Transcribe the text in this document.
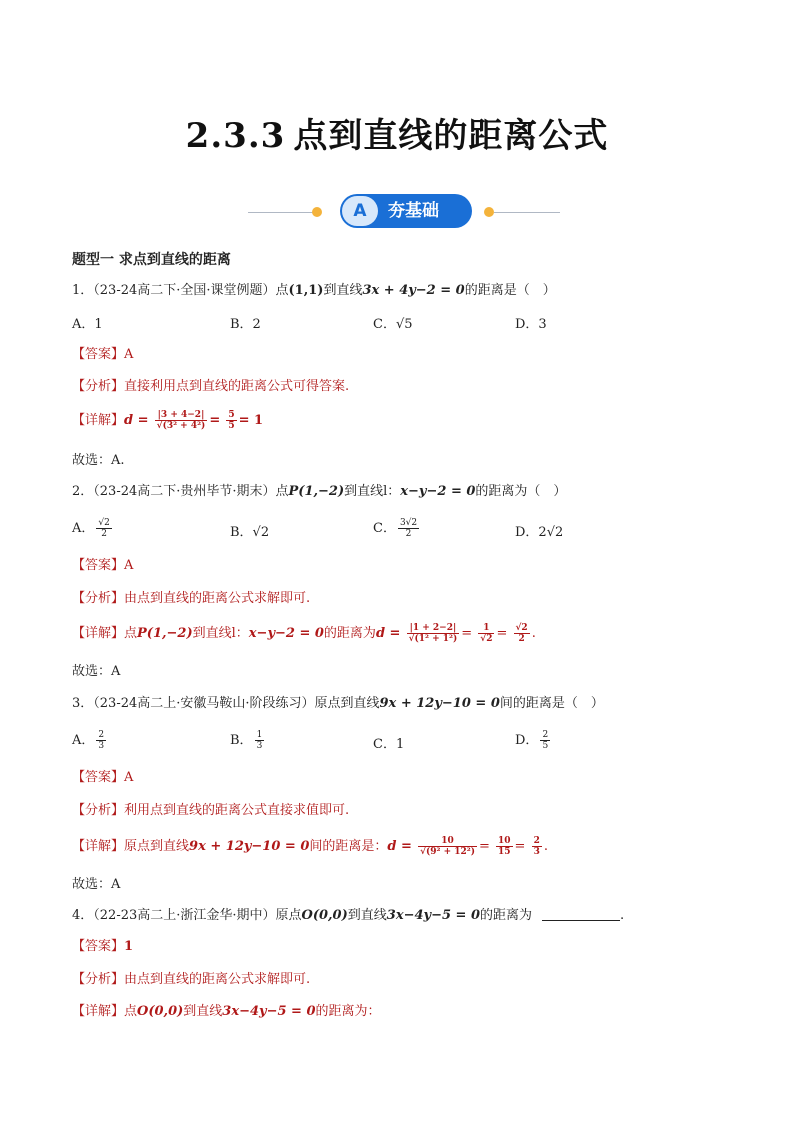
2.3.3 点到直线的距离公式
A	夯基础
题型一 求点到直线的距离
1．（23-24高二下·全国·课堂例题）点(1,1)到直线3x + 4y−2 = 0的距离是（　）
A．1	B．2	C．√5	D．3
【答案】A
【分析】直接利用点到直线的距离公式可得答案.
【详解】$d = \frac{|3 + 4-2|}{\text{√(3² + 4²)}} = \frac{5}{5} = 1$
故选：A.
2．（23-24高二下·贵州毕节·期末）点P(1,−2)到直线l：x−y−2 = 0的距离为（　）
A． $\frac{√2}{2}$	B．√2	C． $\frac{3√2}{2}$	D．2√2
【答案】A
【分析】由点到直线的距离公式求解即可.
【详解】点P(1,−2)到直线l：x−y−2 = 0的距离为$d = \frac{|1 + 2-2|}{\text{√(1² + 1²)}} = \frac{1}{√2} = \frac{√2}{2}$ .
故选：A
3．（23-24高二上·安徽马鞍山·阶段练习）原点到直线9x + 12y−10 = 0间的距离是（　）
A． $\frac{2}{3}$	B． $\frac{1}{3}$	C．1	D． $\frac{2}{5}$
【答案】A
【分析】利用点到直线的距离公式直接求值即可.
【详解】原点到直线9x + 12y−10 = 0间的距离是：$d = \frac{10}{\text{√(9² + 12²)}} = \frac{10}{15} = \frac{2}{3}$ .
故选：A
4．（22-23高二上·浙江金华·期中）原点O(0,0)到直线3x−4y−5 = 0的距离为	.
【答案】1
【分析】由点到直线的距离公式求解即可.
【详解】点O(0,0)到直线3x−4y−5 = 0的距离为：
